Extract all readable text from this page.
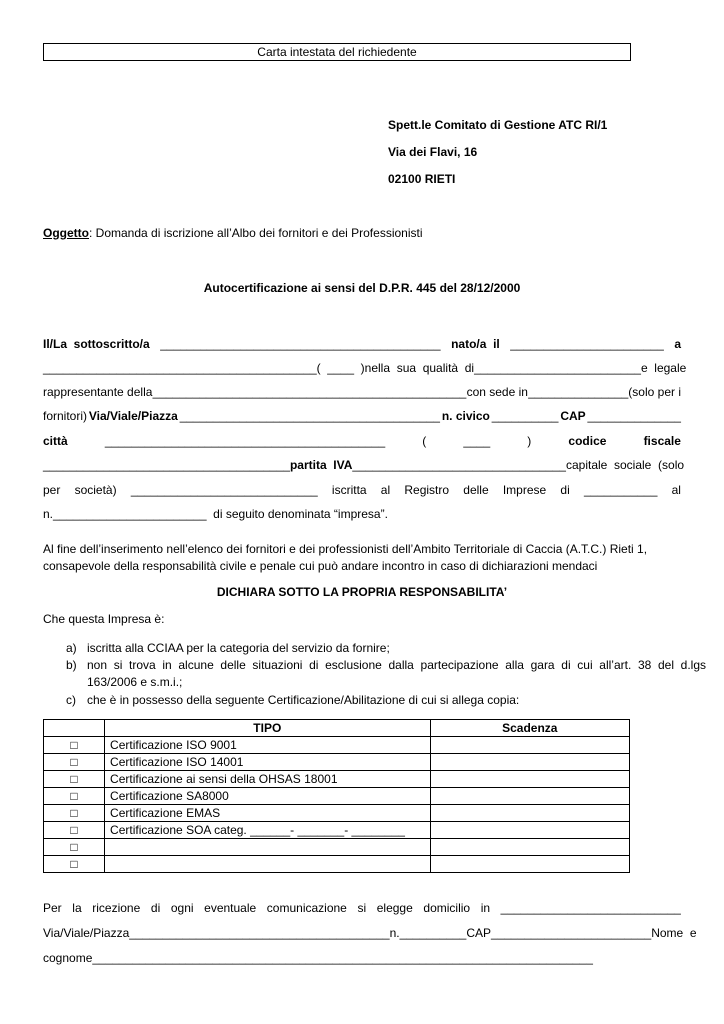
Carta intestata del richiedente
Spett.le Comitato di Gestione ATC RI/1
Via dei Flavi, 16
02100 RIETI
Oggetto: Domanda di iscrizione all’Albo dei fornitori e dei Professionisti
Autocertificazione ai sensi del D.P.R. 445 del 28/12/2000
Il/La  sottoscritto/a __________________________________________ nato/a  il _______________________ a
_________________________________________ (  ____  ) nella  sua  qualità  di _________________________ e  legale
rappresentante della _______________________________________________ con sede in _______________(solo per i
fornitori) Via/Viale/Piazza _______________________________________ n. civico __________ CAP ______________
città	__________________________________________	(	____	)	codice	fiscale
_____________________________________ partita  IVA ________________________________ capitale  sociale  (solo
per società) ____________________________ iscritta al Registro delle Imprese di ___________ al
n._______________________  di seguito denominata “impresa”.
Al fine dell’inserimento nell’elenco dei fornitori e dei professionisti dell’Ambito Territoriale di Caccia (A.T.C.) Rieti 1,
consapevole della responsabilità civile e penale cui può andare incontro in caso di dichiarazioni mendaci
DICHIARA SOTTO LA PROPRIA RESPONSABILITA’
Che questa Impresa è:
a) iscritta alla CCIAA per la categoria del servizio da fornire;
b) non  si  trova  in  alcune  delle  situazioni  di  esclusione  dalla  partecipazione  alla  gara  di  cui  all’art.  38  del  d.lgs
163/2006 e s.m.i.;
c) che è in possesso della seguente Certificazione/Abilitazione di cui si allega copia:
	TIPO	Scadenza
□	Certificazione ISO 9001	
□	Certificazione ISO 14001	
□	Certificazione ai sensi della OHSAS 18001	
□	Certificazione SA8000	
□	Certificazione EMAS	
□	Certificazione SOA categ. ______- _______- ________	
□		
□		
Per la ricezione di ogni eventuale comunicazione si elegge domicilio in ___________________________
Via/Viale/Piazza _______________________________________ n. __________ CAP ________________________ Nome  e
cognome___________________________________________________________________________
